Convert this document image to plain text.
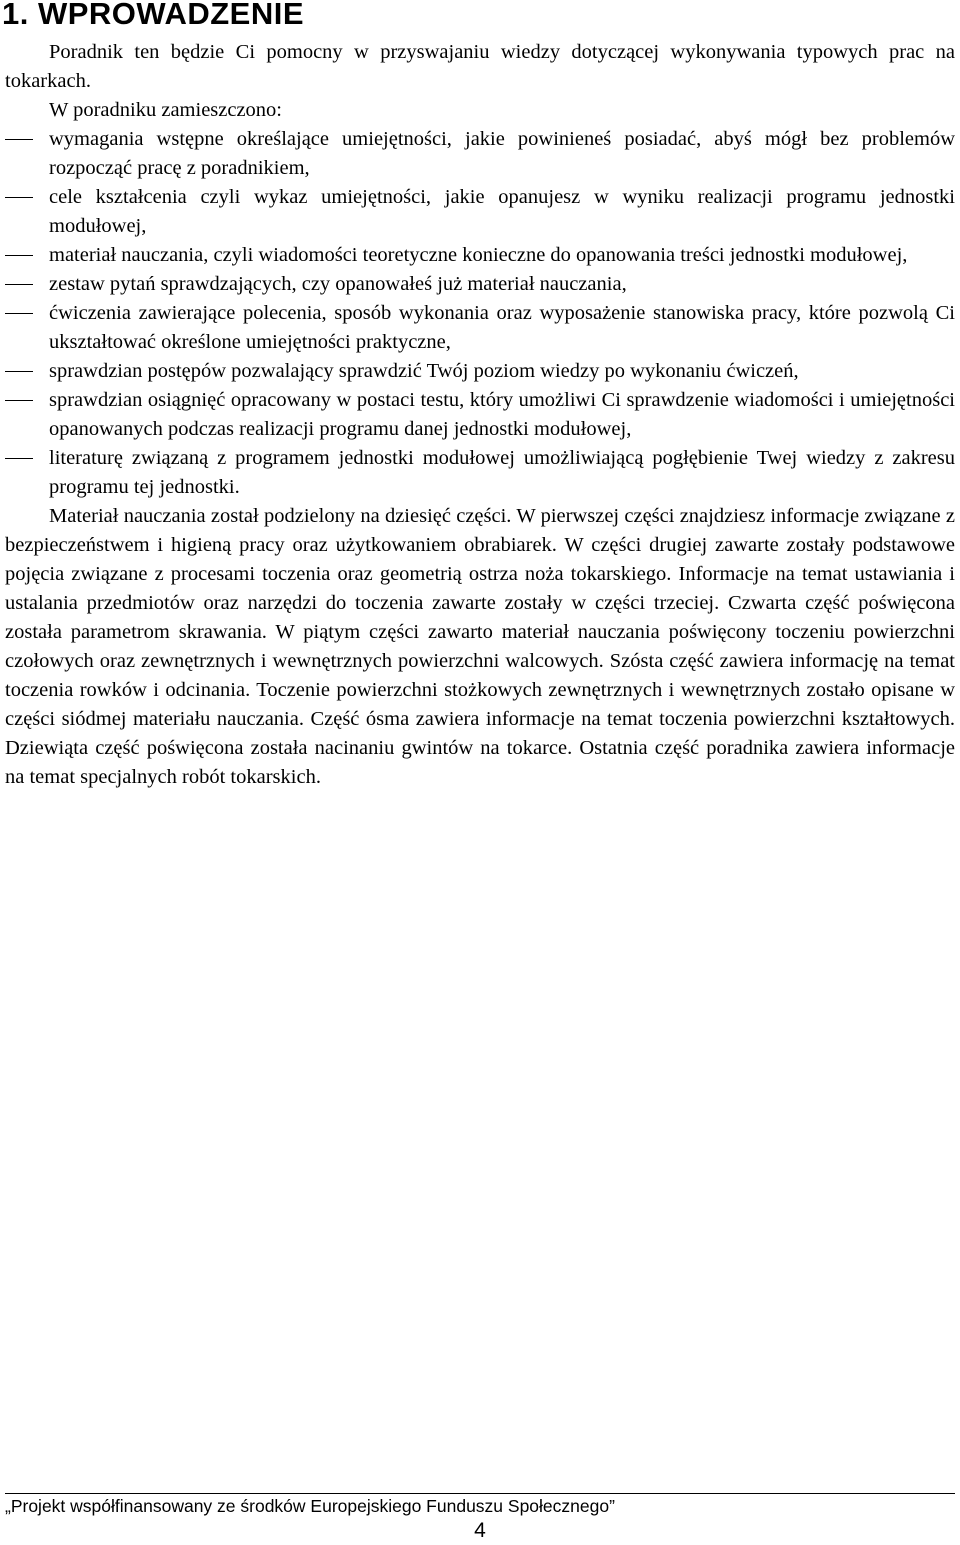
1. WPROWADZENIE

Poradnik ten będzie Ci pomocny w przyswajaniu wiedzy dotyczącej wykonywania typowych prac na tokarkach.

W poradniku zamieszczono:

wymagania wstępne określające umiejętności, jakie powinieneś posiadać, abyś mógł bez problemów rozpocząć pracę z poradnikiem,
cele kształcenia czyli wykaz umiejętności, jakie opanujesz w wyniku realizacji programu jednostki modułowej,
materiał nauczania, czyli wiadomości teoretyczne konieczne do opanowania treści jednostki modułowej,
zestaw pytań sprawdzających, czy opanowałeś już materiał nauczania,
ćwiczenia zawierające polecenia, sposób wykonania oraz wyposażenie stanowiska pracy, które pozwolą Ci ukształtować określone umiejętności praktyczne,
sprawdzian postępów pozwalający sprawdzić Twój poziom wiedzy po wykonaniu ćwiczeń,
sprawdzian osiągnięć opracowany w postaci testu, który umożliwi Ci sprawdzenie wiadomości i umiejętności opanowanych podczas realizacji programu danej jednostki modułowej,
literaturę związaną z programem jednostki modułowej umożliwiającą pogłębienie Twej wiedzy z zakresu programu tej jednostki.

Materiał nauczania został podzielony na dziesięć części. W pierwszej części znajdziesz informacje związane z bezpieczeństwem i higieną pracy oraz użytkowaniem obrabiarek. W części drugiej zawarte zostały podstawowe pojęcia związane z procesami toczenia oraz geometrią ostrza noża tokarskiego. Informacje na temat ustawiania i ustalania przedmiotów oraz narzędzi do toczenia zawarte zostały w części trzeciej. Czwarta część poświęcona została parametrom skrawania. W piątym części zawarto materiał nauczania poświęcony toczeniu powierzchni czołowych oraz zewnętrznych i wewnętrznych powierzchni walcowych. Szósta część zawiera informację na temat toczenia rowków i odcinania. Toczenie powierzchni stożkowych zewnętrznych i wewnętrznych zostało opisane w części siódmej materiału nauczania. Część ósma zawiera informacje na temat toczenia powierzchni kształtowych. Dziewiąta część poświęcona została nacinaniu gwintów na tokarce. Ostatnia część poradnika zawiera informacje na temat specjalnych robót tokarskich.

„Projekt współfinansowany ze środków Europejskiego Funduszu Społecznego”
4
